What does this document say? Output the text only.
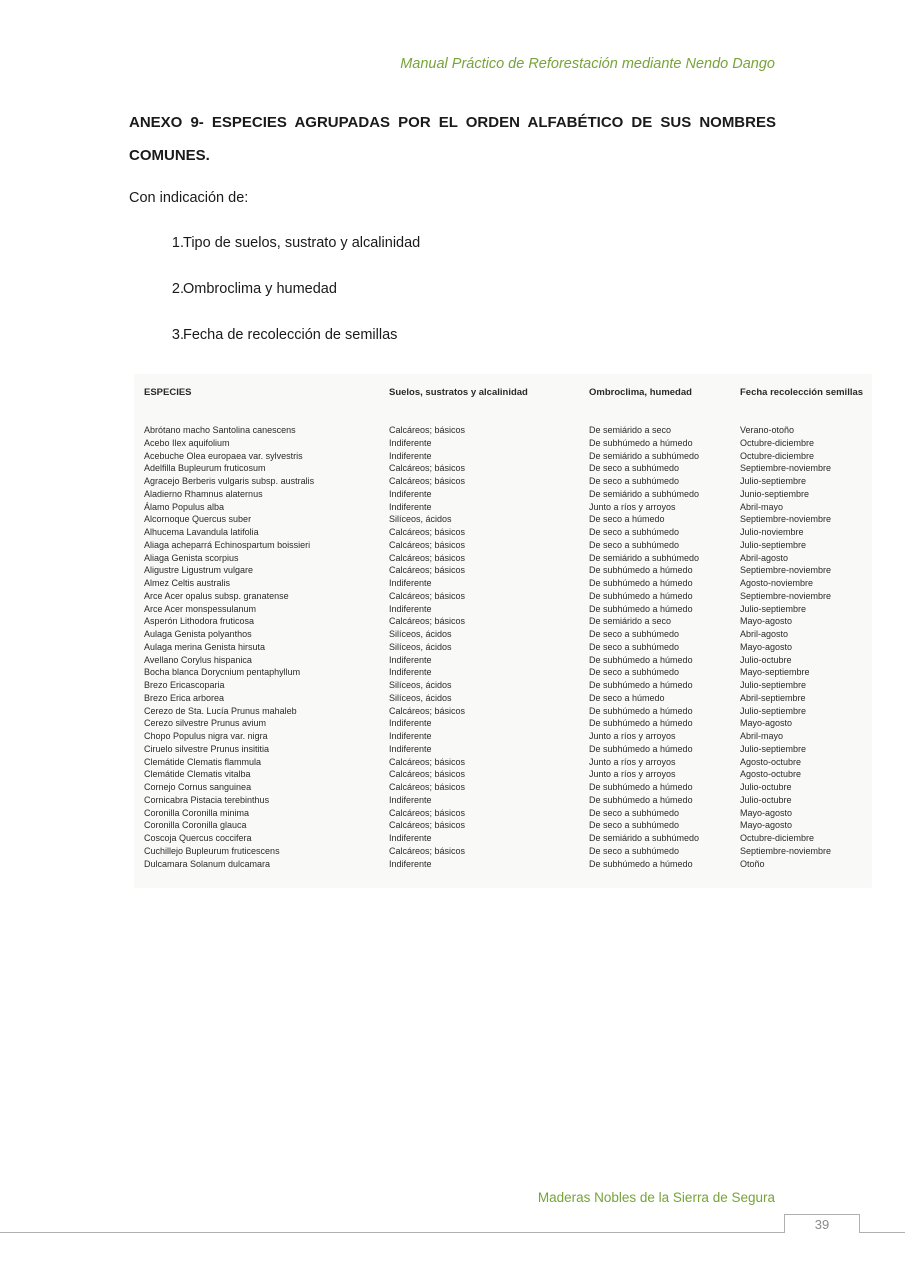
Manual Práctico de Reforestación mediante Nendo Dango
ANEXO 9- ESPECIES AGRUPADAS POR EL ORDEN ALFABÉTICO DE SUS NOMBRES COMUNES.

Con indicación de:

1. Tipo de suelos, sustrato y alcalinidad
2. Ombroclima y humedad
3. Fecha de recolección de semillas
ESPECIES	Suelos, sustratos y alcalinidad	Ombroclima, humedad	Fecha recolección semillas
Abrótano macho Santolina canescens	Calcáreos; básicos	De semiárido a seco	Verano-otoño
Acebo Ilex aquifolium	Indiferente	De subhúmedo a húmedo	Octubre-diciembre
Acebuche Olea europaea var. sylvestris	Indiferente	De semiárido a subhúmedo	Octubre-diciembre
Adelfilla Bupleurum fruticosum	Calcáreos; básicos	De seco a subhúmedo	Septiembre-noviembre
Agracejo Berberis vulgaris subsp. australis	Calcáreos; básicos	De seco a subhúmedo	Julio-septiembre
Aladierno Rhamnus alaternus	Indiferente	De semiárido a subhúmedo	Junio-septiembre
Álamo Populus alba	Indiferente	Junto a ríos y arroyos	Abril-mayo
Alcornoque Quercus suber	Silíceos, ácidos	De seco a húmedo	Septiembre-noviembre
Alhucema Lavandula latifolia	Calcáreos; básicos	De seco a subhúmedo	Julio-noviembre
Aliaga acheparrá Echinospartum boissieri	Calcáreos; básicos	De seco a subhúmedo	Julio-septiembre
Aliaga Genista scorpius	Calcáreos; básicos	De semiárido a subhúmedo	Abril-agosto
Aligustre Ligustrum vulgare	Calcáreos; básicos	De subhúmedo a húmedo	Septiembre-noviembre
Almez Celtis australis	Indiferente	De subhúmedo a húmedo	Agosto-noviembre
Arce Acer opalus subsp. granatense	Calcáreos; básicos	De subhúmedo a húmedo	Septiembre-noviembre
Arce Acer monspessulanum	Indiferente	De subhúmedo a húmedo	Julio-septiembre
Asperón Lithodora fruticosa	Calcáreos; básicos	De semiárido a seco	Mayo-agosto
Aulaga Genista polyanthos	Silíceos, ácidos	De seco a subhúmedo	Abril-agosto
Aulaga merina Genista hirsuta	Silíceos, ácidos	De seco a subhúmedo	Mayo-agosto
Avellano Corylus hispanica	Indiferente	De subhúmedo a húmedo	Julio-octubre
Bocha blanca Dorycnium pentaphyllum	Indiferente	De seco a subhúmedo	Mayo-septiembre
Brezo Ericascoparia	Silíceos, ácidos	De subhúmedo a húmedo	Julio-septiembre
Brezo Erica arborea	Silíceos, ácidos	De seco a húmedo	Abril-septiembre
Cerezo de Sta. Lucía Prunus mahaleb	Calcáreos; básicos	De subhúmedo a húmedo	Julio-septiembre
Cerezo silvestre Prunus avium	Indiferente	De subhúmedo a húmedo	Mayo-agosto
Chopo Populus nigra var. nigra	Indiferente	Junto a ríos y arroyos	Abril-mayo
Ciruelo silvestre Prunus insititia	Indiferente	De subhúmedo a húmedo	Julio-septiembre
Clemátide Clematis flammula	Calcáreos; básicos	Junto a ríos y arroyos	Agosto-octubre
Clemátide Clematis vitalba	Calcáreos; básicos	Junto a ríos y arroyos	Agosto-octubre
Cornejo Cornus sanguinea	Calcáreos; básicos	De subhúmedo a húmedo	Julio-octubre
Cornicabra Pistacia terebinthus	Indiferente	De subhúmedo a húmedo	Julio-octubre
Coronilla Coronilla minima	Calcáreos; básicos	De seco a subhúmedo	Mayo-agosto
Coronilla Coronilla glauca	Calcáreos; básicos	De seco a subhúmedo	Mayo-agosto
Coscoja Quercus coccifera	Indiferente	De semiárido a subhúmedo	Octubre-diciembre
Cuchillejo Bupleurum fruticescens	Calcáreos; básicos	De seco a subhúmedo	Septiembre-noviembre
Dulcamara Solanum dulcamara	Indiferente	De subhúmedo a húmedo	Otoño
Maderas Nobles de la Sierra de Segura
39
